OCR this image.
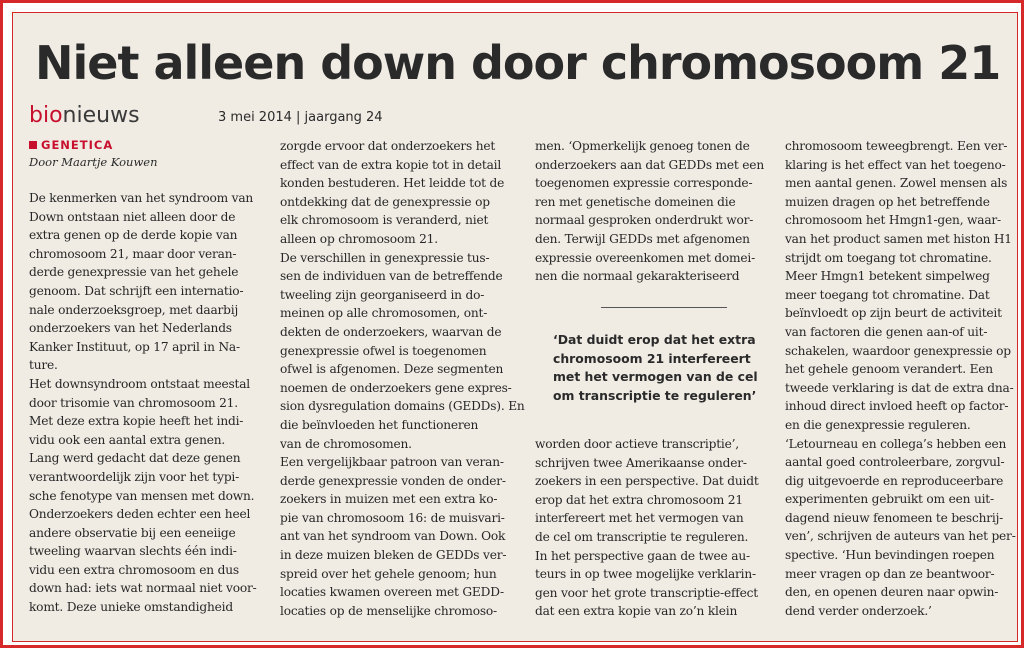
Niet alleen down door chromosoom 21
bionieuws	3 mei 2014 | jaargang 24
GENETICA
Door Maartje Kouwen
De kenmerken van het syndroom van
Down ontstaan niet alleen door de
extra genen op de derde kopie van
chromosoom 21, maar door veran-
derde genexpressie van het gehele
genoom. Dat schrijft een internatio-
nale onderzoeksgroep, met daarbij
onderzoekers van het Nederlands
Kanker Instituut, op 17 april in Na-
ture.
Het downsyndroom ontstaat meestal
door trisomie van chromosoom 21.
Met deze extra kopie heeft het indi-
vidu ook een aantal extra genen.
Lang werd gedacht dat deze genen
verantwoordelijk zijn voor het typi-
sche fenotype van mensen met down.
Onderzoekers deden echter een heel
andere observatie bij een eeneiige
tweeling waarvan slechts één indi-
vidu een extra chromosoom en dus
down had: iets wat normaal niet voor-
komt. Deze unieke omstandigheid
zorgde ervoor dat onderzoekers het
effect van de extra kopie tot in detail
konden bestuderen. Het leidde tot de
ontdekking dat de genexpressie op
elk chromosoom is veranderd, niet
alleen op chromosoom 21.
De verschillen in genexpressie tus-
sen de individuen van de betreffende
tweeling zijn georganiseerd in do-
meinen op alle chromosomen, ont-
dekten de onderzoekers, waarvan de
genexpressie ofwel is toegenomen
ofwel is afgenomen. Deze segmenten
noemen de onderzoekers gene expres-
sion dysregulation domains (GEDDs). En
die beïnvloeden het functioneren
van de chromosomen.
Een vergelijkbaar patroon van veran-
derde genexpressie vonden de onder-
zoekers in muizen met een extra ko-
pie van chromosoom 16: de muisvari-
ant van het syndroom van Down. Ook
in deze muizen bleken de GEDDs ver-
spreid over het gehele genoom; hun
locaties kwamen overeen met GEDD-
locaties op de menselijke chromoso-
men. ‘Opmerkelijk genoeg tonen de
onderzoekers aan dat GEDDs met een
toegenomen expressie corresponde-
ren met genetische domeinen die
normaal gesproken onderdrukt wor-
den. Terwijl GEDDs met afgenomen
expressie overeenkomen met domei-
nen die normaal gekarakteriseerd
‘Dat duidt erop dat het extra
chromosoom 21 interfereert
met het vermogen van de cel
om transcriptie te reguleren’
worden door actieve transcriptie’,
schrijven twee Amerikaanse onder-
zoekers in een perspective. Dat duidt
erop dat het extra chromosoom 21
interfereert met het vermogen van
de cel om transcriptie te reguleren.
In het perspective gaan de twee au-
teurs in op twee mogelijke verklarin-
gen voor het grote transcriptie-effect
dat een extra kopie van zo’n klein
chromosoom teweegbrengt. Een ver-
klaring is het effect van het toegeno-
men aantal genen. Zowel mensen als
muizen dragen op het betreffende
chromosoom het Hmgn1-gen, waar-
van het product samen met histon H1
strijdt om toegang tot chromatine.
Meer Hmgn1 betekent simpelweg
meer toegang tot chromatine. Dat
beïnvloedt op zijn beurt de activiteit
van factoren die genen aan-of uit-
schakelen, waardoor genexpressie op
het gehele genoom verandert. Een
tweede verklaring is dat de extra dna-
inhoud direct invloed heeft op factor-
en die genexpressie reguleren.
‘Letourneau en collega’s hebben een
aantal goed controleerbare, zorgvul-
dig uitgevoerde en reproduceerbare
experimenten gebruikt om een uit-
dagend nieuw fenomeen te beschrij-
ven’, schrijven de auteurs van het per-
spective. ‘Hun bevindingen roepen
meer vragen op dan ze beantwoor-
den, en openen deuren naar opwin-
dend verder onderzoek.’
